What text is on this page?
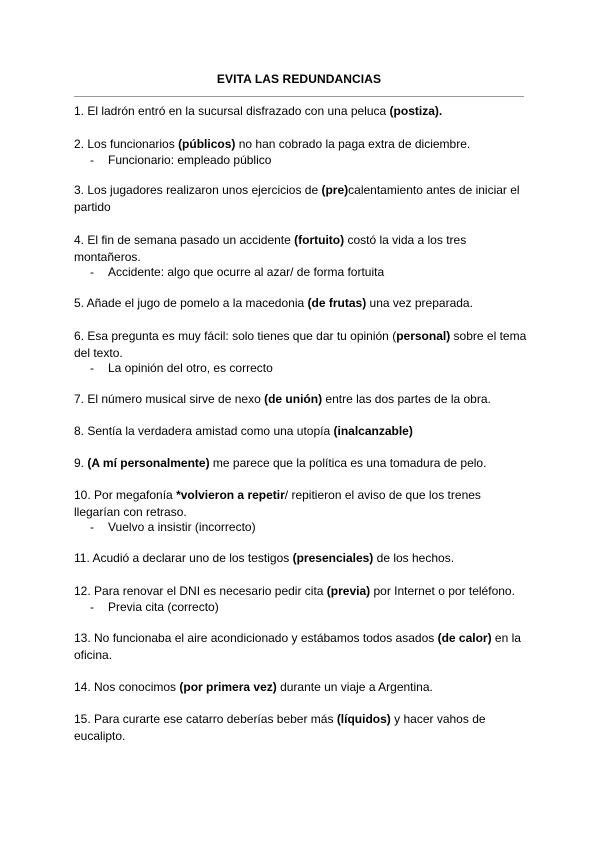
EVITA LAS REDUNDANCIAS
1. El ladrón entró en la sucursal disfrazado con una peluca (postiza).
2. Los funcionarios (públicos) no han cobrado la paga extra de diciembre.
- Funcionario: empleado público
3. Los jugadores realizaron unos ejercicios de (pre)calentamiento antes de iniciar el partido
4. El fin de semana pasado un accidente (fortuito) costó la vida a los tres montañeros.
- Accidente: algo que ocurre al azar/ de forma fortuita
5. Añade el jugo de pomelo a la macedonia (de frutas) una vez preparada.
6. Esa pregunta es muy fácil: solo tienes que dar tu opinión (personal) sobre el tema del texto.
- La opinión del otro, es correcto
7. El número musical sirve de nexo (de unión) entre las dos partes de la obra.
8. Sentía la verdadera amistad como una utopía (inalcanzable)
9. (A mí personalmente) me parece que la política es una tomadura de pelo.
10. Por megafonía *volvieron a repetir/ repitieron el aviso de que los trenes llegarían con retraso.
- Vuelvo a insistir (incorrecto)
11. Acudió a declarar uno de los testigos (presenciales) de los hechos.
12. Para renovar el DNI es necesario pedir cita (previa) por Internet o por teléfono.
- Previa cita (correcto)
13. No funcionaba el aire acondicionado y estábamos todos asados (de calor) en la oficina.
14. Nos conocimos (por primera vez) durante un viaje a Argentina.
15. Para curarte ese catarro deberías beber más (líquidos) y hacer vahos de eucalipto.
